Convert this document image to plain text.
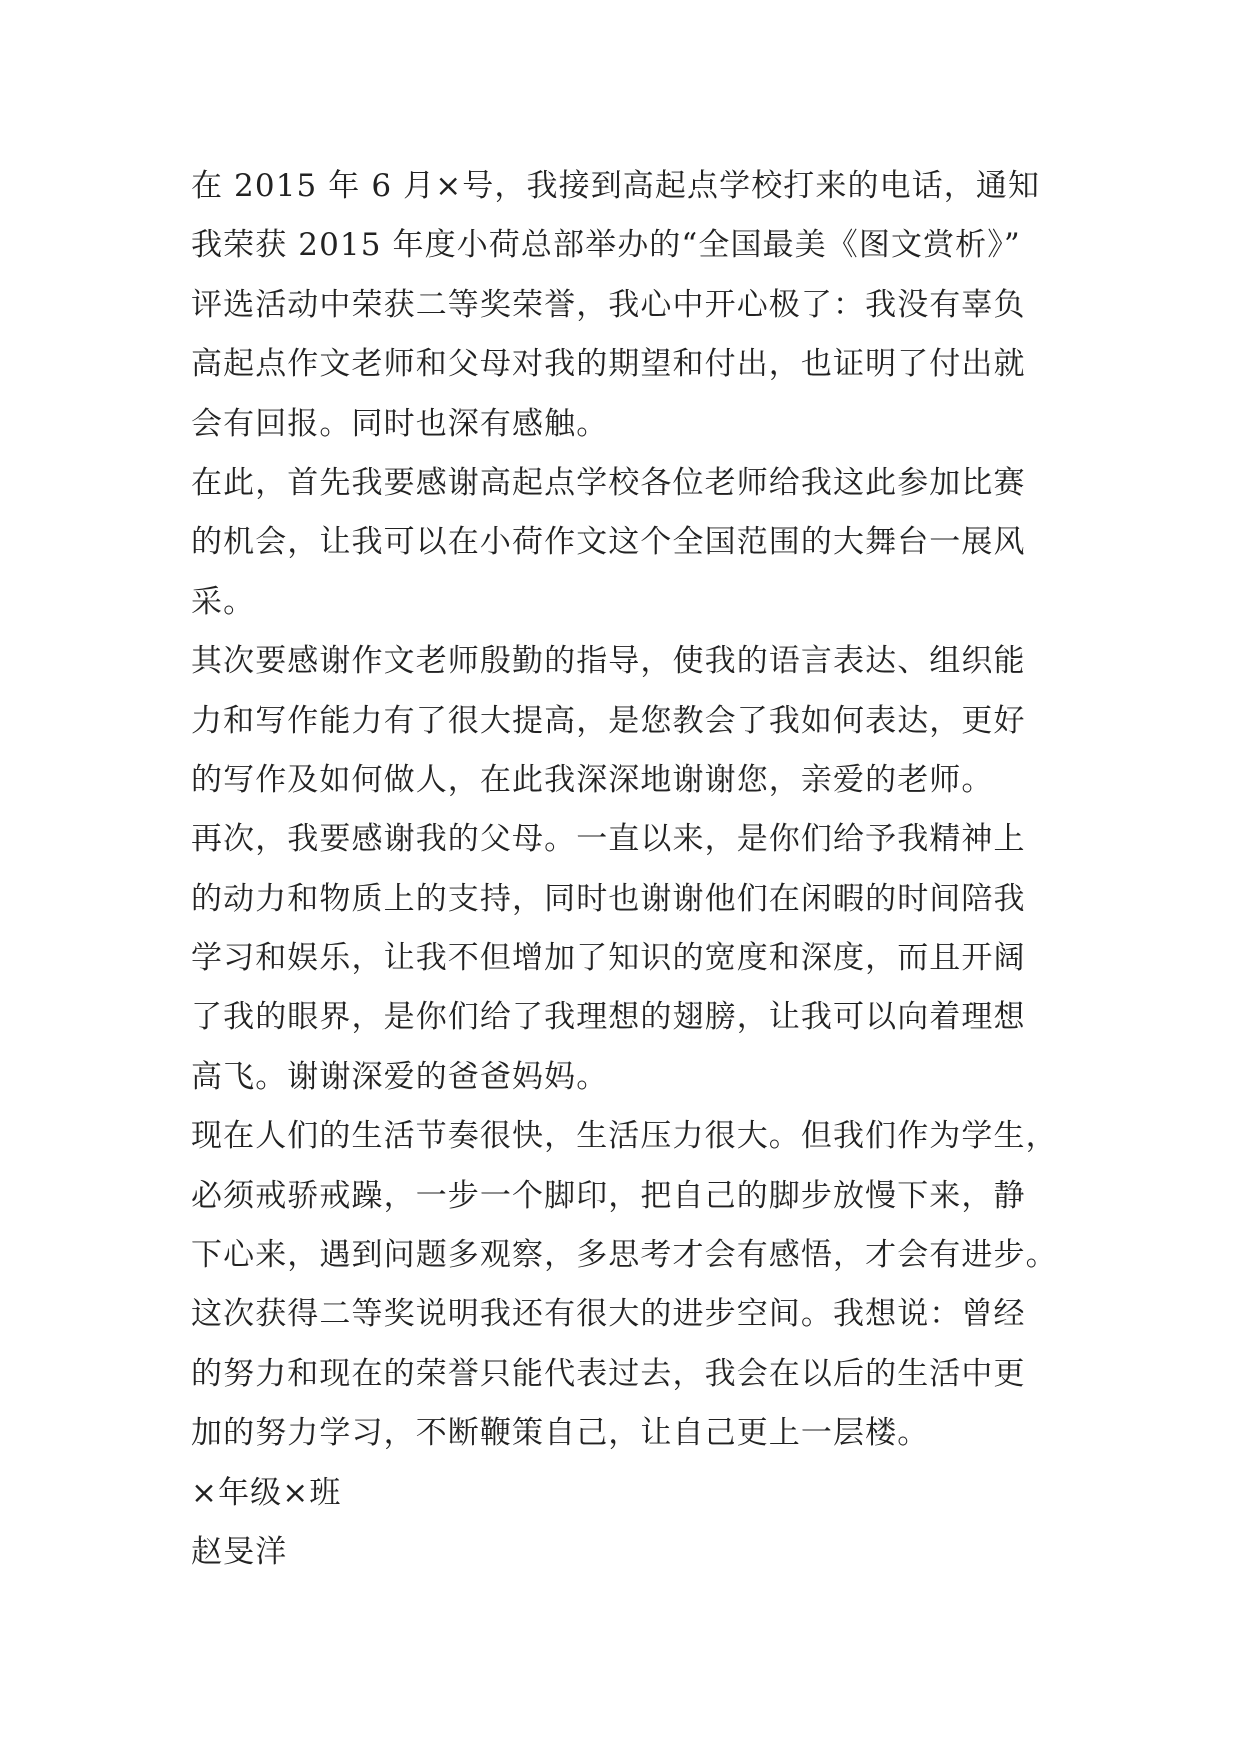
在 2015 年 6 月×号，我接到高起点学校打来的电话，通知
我荣获 2015 年度小荷总部举办的“全国最美《图文赏析》”
评选活动中荣获二等奖荣誉，我心中开心极了：我没有辜负
高起点作文老师和父母对我的期望和付出，也证明了付出就
会有回报。同时也深有感触。
在此，首先我要感谢高起点学校各位老师给我这此参加比赛
的机会，让我可以在小荷作文这个全国范围的大舞台一展风
采。
其次要感谢作文老师殷勤的指导，使我的语言表达、组织能
力和写作能力有了很大提高，是您教会了我如何表达，更好
的写作及如何做人，在此我深深地谢谢您，亲爱的老师。
再次，我要感谢我的父母。一直以来，是你们给予我精神上
的动力和物质上的支持，同时也谢谢他们在闲暇的时间陪我
学习和娱乐，让我不但增加了知识的宽度和深度，而且开阔
了我的眼界，是你们给了我理想的翅膀，让我可以向着理想
高飞。谢谢深爱的爸爸妈妈。
现在人们的生活节奏很快，生活压力很大。但我们作为学生，
必须戒骄戒躁，一步一个脚印，把自己的脚步放慢下来，静
下心来，遇到问题多观察，多思考才会有感悟，才会有进步。
这次获得二等奖说明我还有很大的进步空间。我想说：曾经
的努力和现在的荣誉只能代表过去，我会在以后的生活中更
加的努力学习，不断鞭策自己，让自己更上一层楼。
×年级×班
赵旻洋
